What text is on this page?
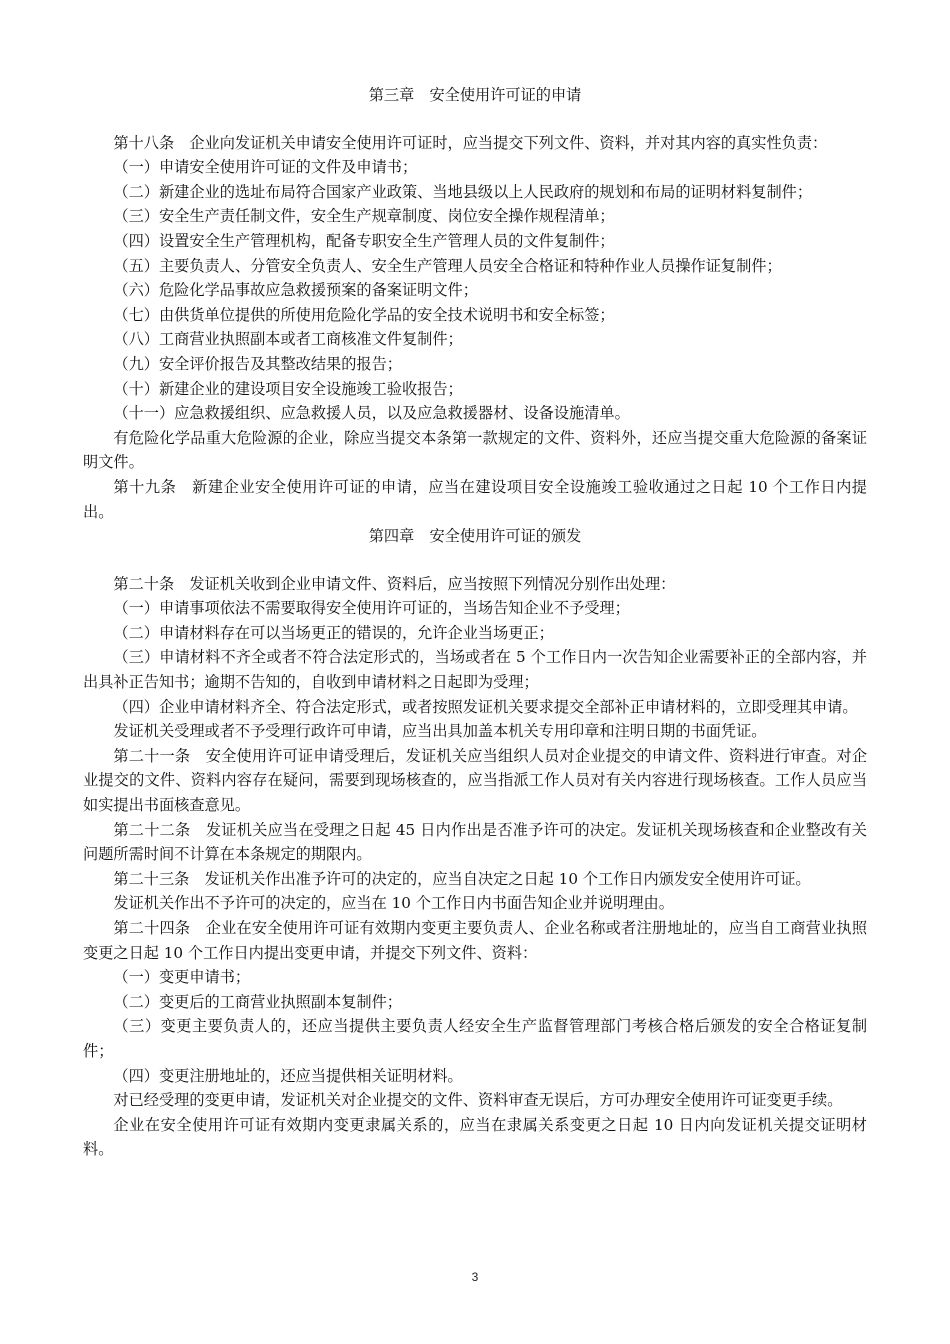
第三章　安全使用许可证的申请

第十八条　企业向发证机关申请安全使用许可证时，应当提交下列文件、资料，并对其内容的真实性负责：

（一）申请安全使用许可证的文件及申请书；

（二）新建企业的选址布局符合国家产业政策、当地县级以上人民政府的规划和布局的证明材料复制件；

（三）安全生产责任制文件，安全生产规章制度、岗位安全操作规程清单；

（四）设置安全生产管理机构，配备专职安全生产管理人员的文件复制件；

（五）主要负责人、分管安全负责人、安全生产管理人员安全合格证和特种作业人员操作证复制件；

（六）危险化学品事故应急救援预案的备案证明文件；

（七）由供货单位提供的所使用危险化学品的安全技术说明书和安全标签；

（八）工商营业执照副本或者工商核准文件复制件；

（九）安全评价报告及其整改结果的报告；

（十）新建企业的建设项目安全设施竣工验收报告；

（十一）应急救援组织、应急救援人员，以及应急救援器材、设备设施清单。

有危险化学品重大危险源的企业，除应当提交本条第一款规定的文件、资料外，还应当提交重大危险源的备案证明文件。

第十九条　新建企业安全使用许可证的申请，应当在建设项目安全设施竣工验收通过之日起 10 个工作日内提出。

第四章　安全使用许可证的颁发

第二十条　发证机关收到企业申请文件、资料后，应当按照下列情况分别作出处理：

（一）申请事项依法不需要取得安全使用许可证的，当场告知企业不予受理；

（二）申请材料存在可以当场更正的错误的，允许企业当场更正；

（三）申请材料不齐全或者不符合法定形式的，当场或者在 5 个工作日内一次告知企业需要补正的全部内容，并出具补正告知书；逾期不告知的，自收到申请材料之日起即为受理；

（四）企业申请材料齐全、符合法定形式，或者按照发证机关要求提交全部补正申请材料的，立即受理其申请。

发证机关受理或者不予受理行政许可申请，应当出具加盖本机关专用印章和注明日期的书面凭证。

第二十一条　安全使用许可证申请受理后，发证机关应当组织人员对企业提交的申请文件、资料进行审查。对企业提交的文件、资料内容存在疑问，需要到现场核查的，应当指派工作人员对有关内容进行现场核查。工作人员应当如实提出书面核查意见。

第二十二条　发证机关应当在受理之日起 45 日内作出是否准予许可的决定。发证机关现场核查和企业整改有关问题所需时间不计算在本条规定的期限内。

第二十三条　发证机关作出准予许可的决定的，应当自决定之日起 10 个工作日内颁发安全使用许可证。

发证机关作出不予许可的决定的，应当在 10 个工作日内书面告知企业并说明理由。

第二十四条　企业在安全使用许可证有效期内变更主要负责人、企业名称或者注册地址的，应当自工商营业执照变更之日起 10 个工作日内提出变更申请，并提交下列文件、资料：

（一）变更申请书；

（二）变更后的工商营业执照副本复制件；

（三）变更主要负责人的，还应当提供主要负责人经安全生产监督管理部门考核合格后颁发的安全合格证复制件；

（四）变更注册地址的，还应当提供相关证明材料。

对已经受理的变更申请，发证机关对企业提交的文件、资料审查无误后，方可办理安全使用许可证变更手续。

企业在安全使用许可证有效期内变更隶属关系的，应当在隶属关系变更之日起 10 日内向发证机关提交证明材料。

3
